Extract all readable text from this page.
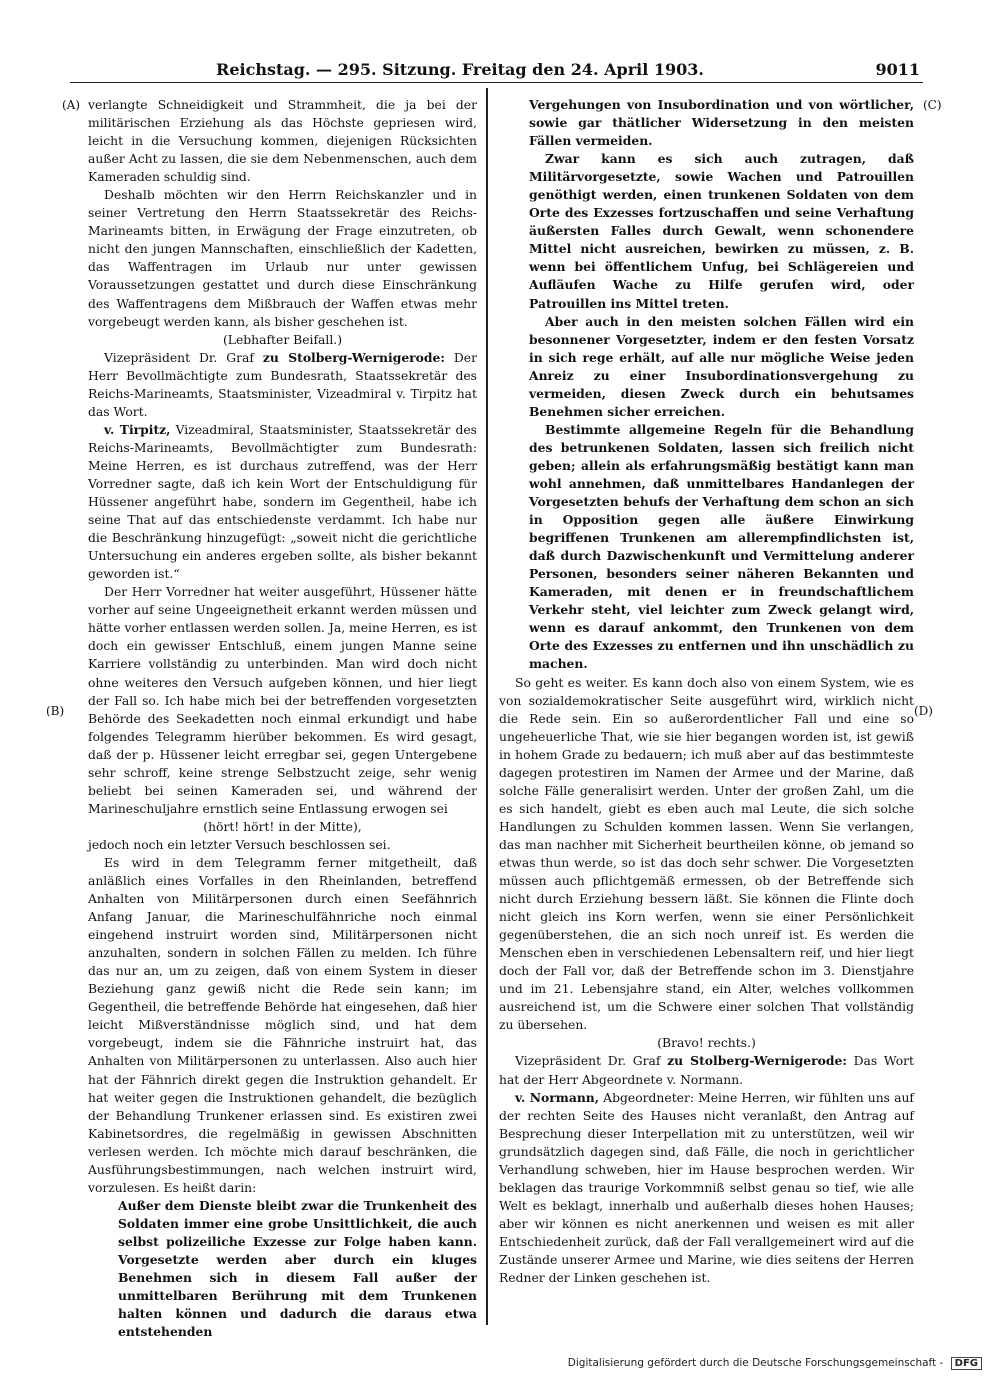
Reichstag. — 295. Sitzung. Freitag den 24. April 1903.	9011
(A)
(B)
(C)
(D)

verlangte Schneidigkeit und Strammheit, die ja bei der militärischen Erziehung als das Höchste gepriesen wird, leicht in die Versuchung kommen, diejenigen Rücksichten außer Acht zu lassen, die sie dem Nebenmenschen, auch dem Kameraden schuldig sind.

Deshalb möchten wir den Herrn Reichskanzler und in seiner Vertretung den Herrn Staatssekretär des Reichs-Marineamts bitten, in Erwägung der Frage einzutreten, ob nicht den jungen Mannschaften, einschließlich der Kadetten, das Waffentragen im Urlaub nur unter gewissen Voraussetzungen gestattet und durch diese Einschränkung des Waffentragens dem Mißbrauch der Waffen etwas mehr vorgebeugt werden kann, als bisher geschehen ist.

(Lebhafter Beifall.)

Vizepräsident Dr. Graf zu Stolberg-Wernigerode: Der Herr Bevollmächtigte zum Bundesrath, Staatssekretär des Reichs-Marineamts, Staatsminister, Vizeadmiral v. Tirpitz hat das Wort.

v. Tirpitz, Vizeadmiral, Staatsminister, Staatssekretär des Reichs-Marineamts, Bevollmächtigter zum Bundesrath: Meine Herren, es ist durchaus zutreffend, was der Herr Vorredner sagte, daß ich kein Wort der Entschuldigung für Hüssener angeführt habe, sondern im Gegentheil, habe ich seine That auf das entschiedenste verdammt. Ich habe nur die Beschränkung hinzugefügt: „soweit nicht die gerichtliche Untersuchung ein anderes ergeben sollte, als bisher bekannt geworden ist.“

Der Herr Vorredner hat weiter ausgeführt, Hüssener hätte vorher auf seine Ungeeignetheit erkannt werden müssen und hätte vorher entlassen werden sollen. Ja, meine Herren, es ist doch ein gewisser Entschluß, einem jungen Manne seine Karriere vollständig zu unterbinden. Man wird doch nicht ohne weiteres den Versuch aufgeben können, und hier liegt der Fall so. Ich habe mich bei der betreffenden vorgesetzten Behörde des Seekadetten noch einmal erkundigt und habe folgendes Telegramm hierüber bekommen. Es wird gesagt, daß der p. Hüssener leicht erregbar sei, gegen Untergebene sehr schroff, keine strenge Selbstzucht zeige, sehr wenig beliebt bei seinen Kameraden sei, und während der Marineschuljahre ernstlich seine Entlassung erwogen sei

(hört! hört! in der Mitte),

jedoch noch ein letzter Versuch beschlossen sei.

Es wird in dem Telegramm ferner mitgetheilt, daß anläßlich eines Vorfalles in den Rheinlanden, betreffend Anhalten von Militärpersonen durch einen Seefähnrich Anfang Januar, die Marineschulfähnriche noch einmal eingehend instruirt worden sind, Militärpersonen nicht anzuhalten, sondern in solchen Fällen zu melden. Ich führe das nur an, um zu zeigen, daß von einem System in dieser Beziehung ganz gewiß nicht die Rede sein kann; im Gegentheil, die betreffende Behörde hat eingesehen, daß hier leicht Mißverständnisse möglich sind, und hat dem vorgebeugt, indem sie die Fähnriche instruirt hat, das Anhalten von Militärpersonen zu unterlassen. Also auch hier hat der Fähnrich direkt gegen die Instruktion gehandelt. Er hat weiter gegen die Instruktionen gehandelt, die bezüglich der Behandlung Trunkener erlassen sind. Es existiren zwei Kabinetsordres, die regelmäßig in gewissen Abschnitten verlesen werden. Ich möchte mich darauf beschränken, die Ausführungsbestimmungen, nach welchen instruirt wird, vorzulesen. Es heißt darin:

Außer dem Dienste bleibt zwar die Trunkenheit des Soldaten immer eine grobe Unsittlichkeit, die auch selbst polizeiliche Exzesse zur Folge haben kann. Vorgesetzte werden aber durch ein kluges Benehmen sich in diesem Fall außer der unmittelbaren Berührung mit dem Trunkenen halten können und dadurch die daraus etwa entstehenden

Vergehungen von Insubordination und von wörtlicher, sowie gar thätlicher Widersetzung in den meisten Fällen vermeiden.

Zwar kann es sich auch zutragen, daß Militärvorgesetzte, sowie Wachen und Patrouillen genöthigt werden, einen trunkenen Soldaten von dem Orte des Exzesses fortzuschaffen und seine Verhaftung äußersten Falles durch Gewalt, wenn schonendere Mittel nicht ausreichen, bewirken zu müssen, z. B. wenn bei öffentlichem Unfug, bei Schlägereien und Aufläufen Wache zu Hilfe gerufen wird, oder Patrouillen ins Mittel treten.

Aber auch in den meisten solchen Fällen wird ein besonnener Vorgesetzter, indem er den festen Vorsatz in sich rege erhält, auf alle nur mögliche Weise jeden Anreiz zu einer Insubordinationsvergehung zu vermeiden, diesen Zweck durch ein behutsames Benehmen sicher erreichen.

Bestimmte allgemeine Regeln für die Behandlung des betrunkenen Soldaten, lassen sich freilich nicht geben; allein als erfahrungsmäßig bestätigt kann man wohl annehmen, daß unmittelbares Handanlegen der Vorgesetzten behufs der Verhaftung dem schon an sich in Opposition gegen alle äußere Einwirkung begriffenen Trunkenen am allerempfindlichsten ist, daß durch Dazwischenkunft und Vermittelung anderer Personen, besonders seiner näheren Bekannten und Kameraden, mit denen er in freundschaftlichem Verkehr steht, viel leichter zum Zweck gelangt wird, wenn es darauf ankommt, den Trunkenen von dem Orte des Exzesses zu entfernen und ihn unschädlich zu machen.

So geht es weiter. Es kann doch also von einem System, wie es von sozialdemokratischer Seite ausgeführt wird, wirklich nicht die Rede sein. Ein so außerordentlicher Fall und eine so ungeheuerliche That, wie sie hier begangen worden ist, ist gewiß in hohem Grade zu bedauern; ich muß aber auf das bestimmteste dagegen protestiren im Namen der Armee und der Marine, daß solche Fälle generalisirt werden. Unter der großen Zahl, um die es sich handelt, giebt es eben auch mal Leute, die sich solche Handlungen zu Schulden kommen lassen. Wenn Sie verlangen, das man nachher mit Sicherheit beurtheilen könne, ob jemand so etwas thun werde, so ist das doch sehr schwer. Die Vorgesetzten müssen auch pflichtgemäß ermessen, ob der Betreffende sich nicht durch Erziehung bessern läßt. Sie können die Flinte doch nicht gleich ins Korn werfen, wenn sie einer Persönlichkeit gegenüberstehen, die an sich noch unreif ist. Es werden die Menschen eben in verschiedenen Lebensaltern reif, und hier liegt doch der Fall vor, daß der Betreffende schon im 3. Dienstjahre und im 21. Lebensjahre stand, ein Alter, welches vollkommen ausreichend ist, um die Schwere einer solchen That vollständig zu übersehen.

(Bravo! rechts.)

Vizepräsident Dr. Graf zu Stolberg-Wernigerode: Das Wort hat der Herr Abgeordnete v. Normann.

v. Normann, Abgeordneter: Meine Herren, wir fühlten uns auf der rechten Seite des Hauses nicht veranlaßt, den Antrag auf Besprechung dieser Interpellation mit zu unterstützen, weil wir grundsätzlich dagegen sind, daß Fälle, die noch in gerichtlicher Verhandlung schweben, hier im Hause besprochen werden. Wir beklagen das traurige Vorkommniß selbst genau so tief, wie alle Welt es beklagt, innerhalb und außerhalb dieses hohen Hauses; aber wir können es nicht anerkennen und weisen es mit aller Entschiedenheit zurück, daß der Fall verallgemeinert wird auf die Zustände unserer Armee und Marine, wie dies seitens der Herren Redner der Linken geschehen ist.

Digitalisierung gefördert durch die Deutsche Forschungsgemeinschaft - DFG
